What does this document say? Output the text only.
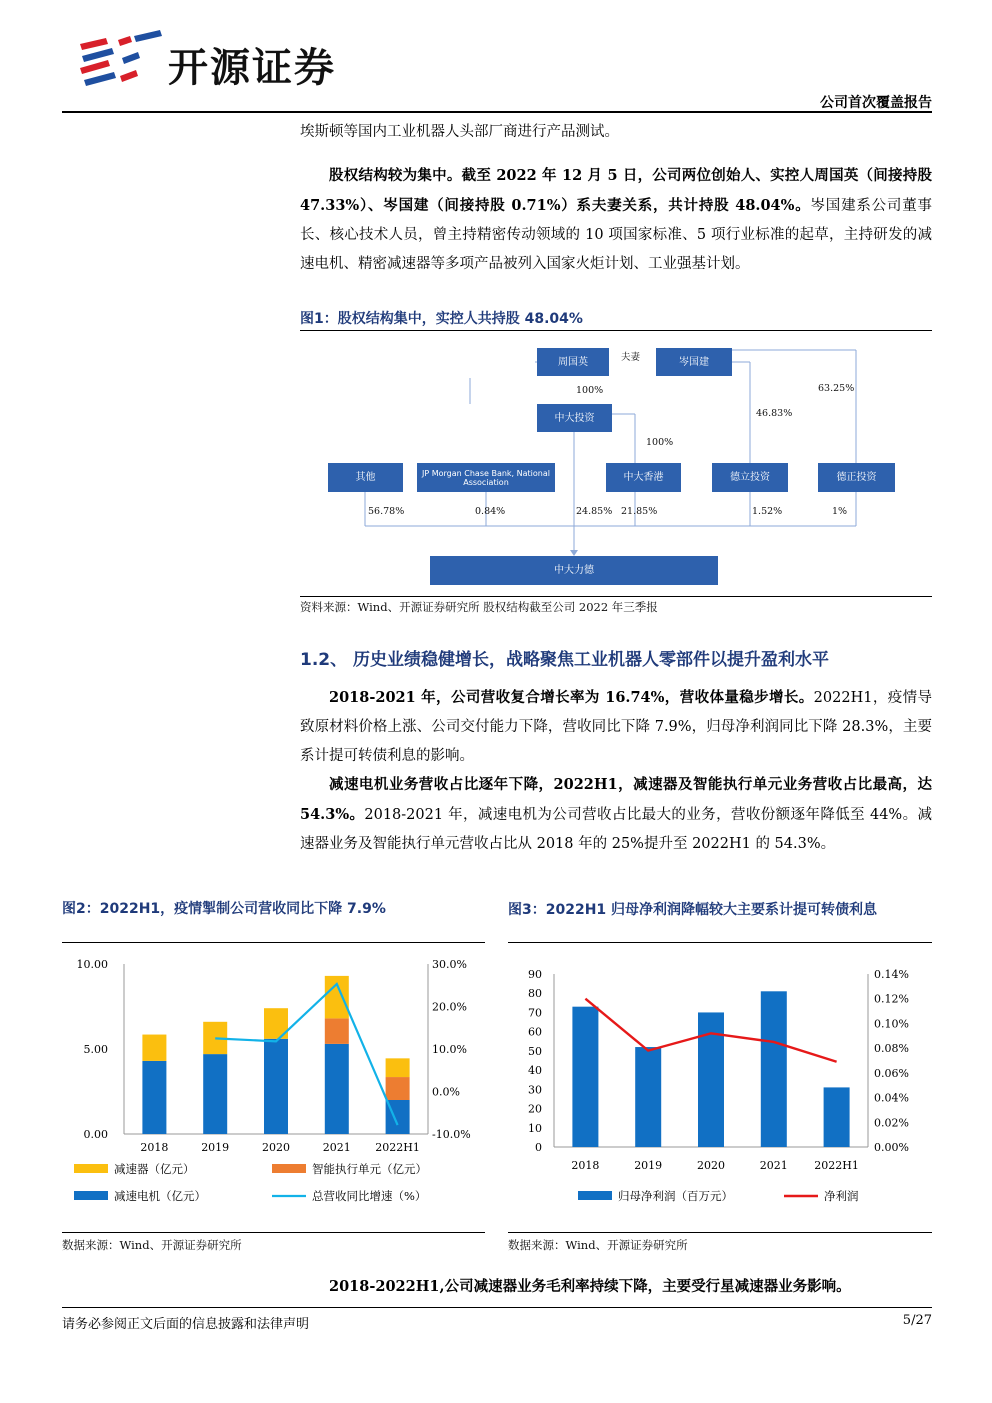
开源证券
公司首次覆盖报告
埃斯顿等国内工业机器人头部厂商进行产品测试。
股权结构较为集中。截至 2022 年 12 月 5 日，公司两位创始人、实控人周国英（间接持股 47.33%）、岑国建（间接持股 0.71%）系夫妻关系，共计持股 48.04%。岑国建系公司董事长、核心技术人员，曾主持精密传动领域的 10 项国家标准、5 项行业标准的起草，主持研发的减速电机、精密减速器等多项产品被列入国家火炬计划、工业强基计划。
图1：股权结构集中，实控人共持股 48.04%
周国英	夫妻	岑国建
100%	63.25%
中大投资	46.83%
100%
其他	JP Morgan Chase Bank, National Association	中大香港	德立投资	德正投资
56.78%	0.84%	24.85% 21.85%	1.52%	1%
中大力德
资料来源：Wind、开源证券研究所 股权结构截至公司 2022 年三季报
1.2、 历史业绩稳健增长，战略聚焦工业机器人零部件以提升盈利水平
2018-2021 年，公司营收复合增长率为 16.74%，营收体量稳步增长。2022H1，疫情导致原材料价格上涨、公司交付能力下降，营收同比下降 7.9%，归母净利润同比下降 28.3%，主要系计提可转债利息的影响。
减速电机业务营收占比逐年下降，2022H1，减速器及智能执行单元业务营收占比最高，达 54.3%。2018-2021 年，减速电机为公司营收占比最大的业务，营收份额逐年降低至 44%。减速器业务及智能执行单元营收占比从 2018 年的 25%提升至 2022H1 的 54.3%。
图2：2022H1，疫情掣制公司营收同比下降 7.9%
2018	2019	2020	2021 2022H1
0.00
5.00
10.00
-10.0%
0.0%
10.0%
20.0%
30.0%
减速器（亿元）	智能执行单元（亿元）
减速电机（亿元）	总营收同比增速（%）
数据来源：Wind、开源证券研究所
图3：2022H1 归母净利润降幅较大主要系计提可转债利息
2018	2019	2020	2021 2022H1
0
10
20
30
40
50
60
70
80
90
0.00%
0.02%
0.04%
0.06%
0.08%
0.10%
0.12%
0.14%
归母净利润（百万元）	净利润
数据来源：Wind、开源证券研究所
2018-2022H1,公司减速器业务毛利率持续下降，主要受行星减速器业务影响。
请务必参阅正文后面的信息披露和法律声明	5/27
